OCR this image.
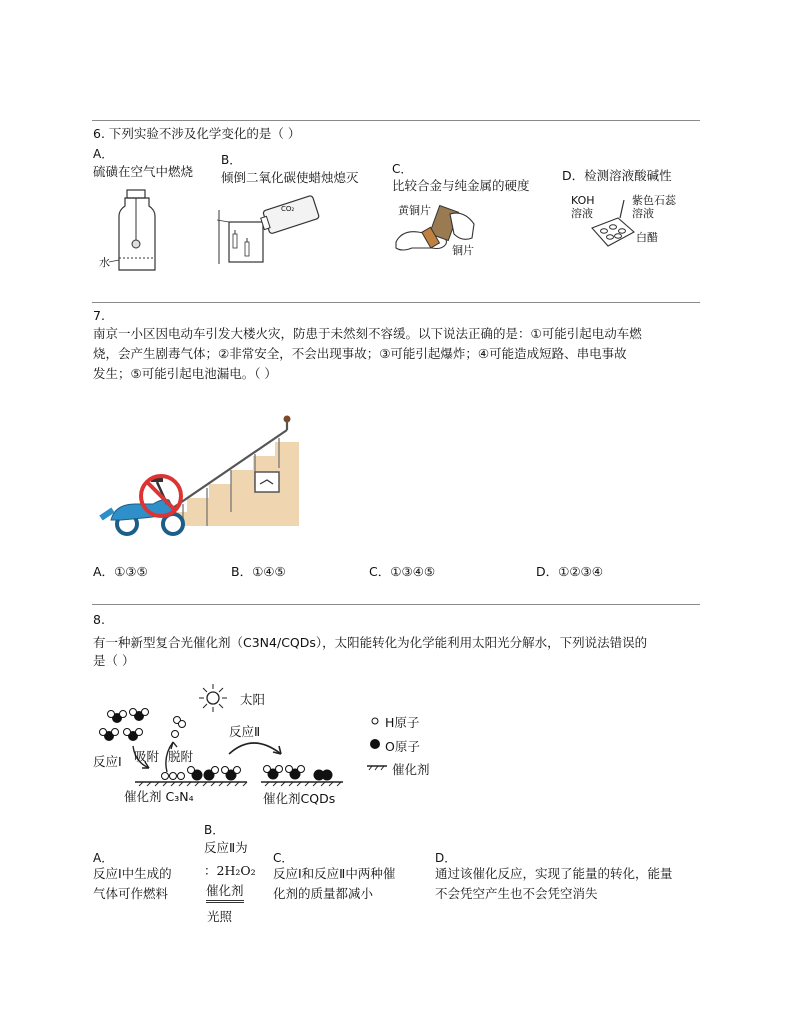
6. 下列实验不涉及化学变化的是（ ）
A．
硫磺在空气中燃烧
B．
倾倒二氧化碳使蜡烛熄灭
C．
比较合金与纯金属的硬度
D．检测溶液酸碱性
水
CO₂	黄铜片
铜片
KOH
溶液
紫色石蕊
溶液
白醋
7.
南京一小区因电动车引发大楼火灾，防患于未然刻不容缓。以下说法正确的是：①可能引起电动车燃
烧，会产生剧毒气体；②非常安全，不会出现事故；③可能引起爆炸；④可能造成短路、串电事故
发生；⑤可能引起电池漏电。（ ）
A．①③⑤	B．①④⑤	C．①③④⑤	D．①②③④
8.
有一种新型复合光催化剂（C3N4/CQDs），太阳能转化为化学能利用太阳光分解水，下列说法错误的
是（ ）
太阳
反应Ⅱ
反应Ⅰ 吸附 脱附
催化剂 C₃N₄	催化剂CQDs
H原子
O原子
催化剂
A．
反应Ⅰ中生成的
气体可作燃料
B．
反应Ⅱ为
：2H₂O₂
催化剂
光照
C．
反应Ⅰ和反应Ⅱ中两种催
化剂的质量都减小
D．
通过该催化反应，实现了能量的转化，能量
不会凭空产生也不会凭空消失
